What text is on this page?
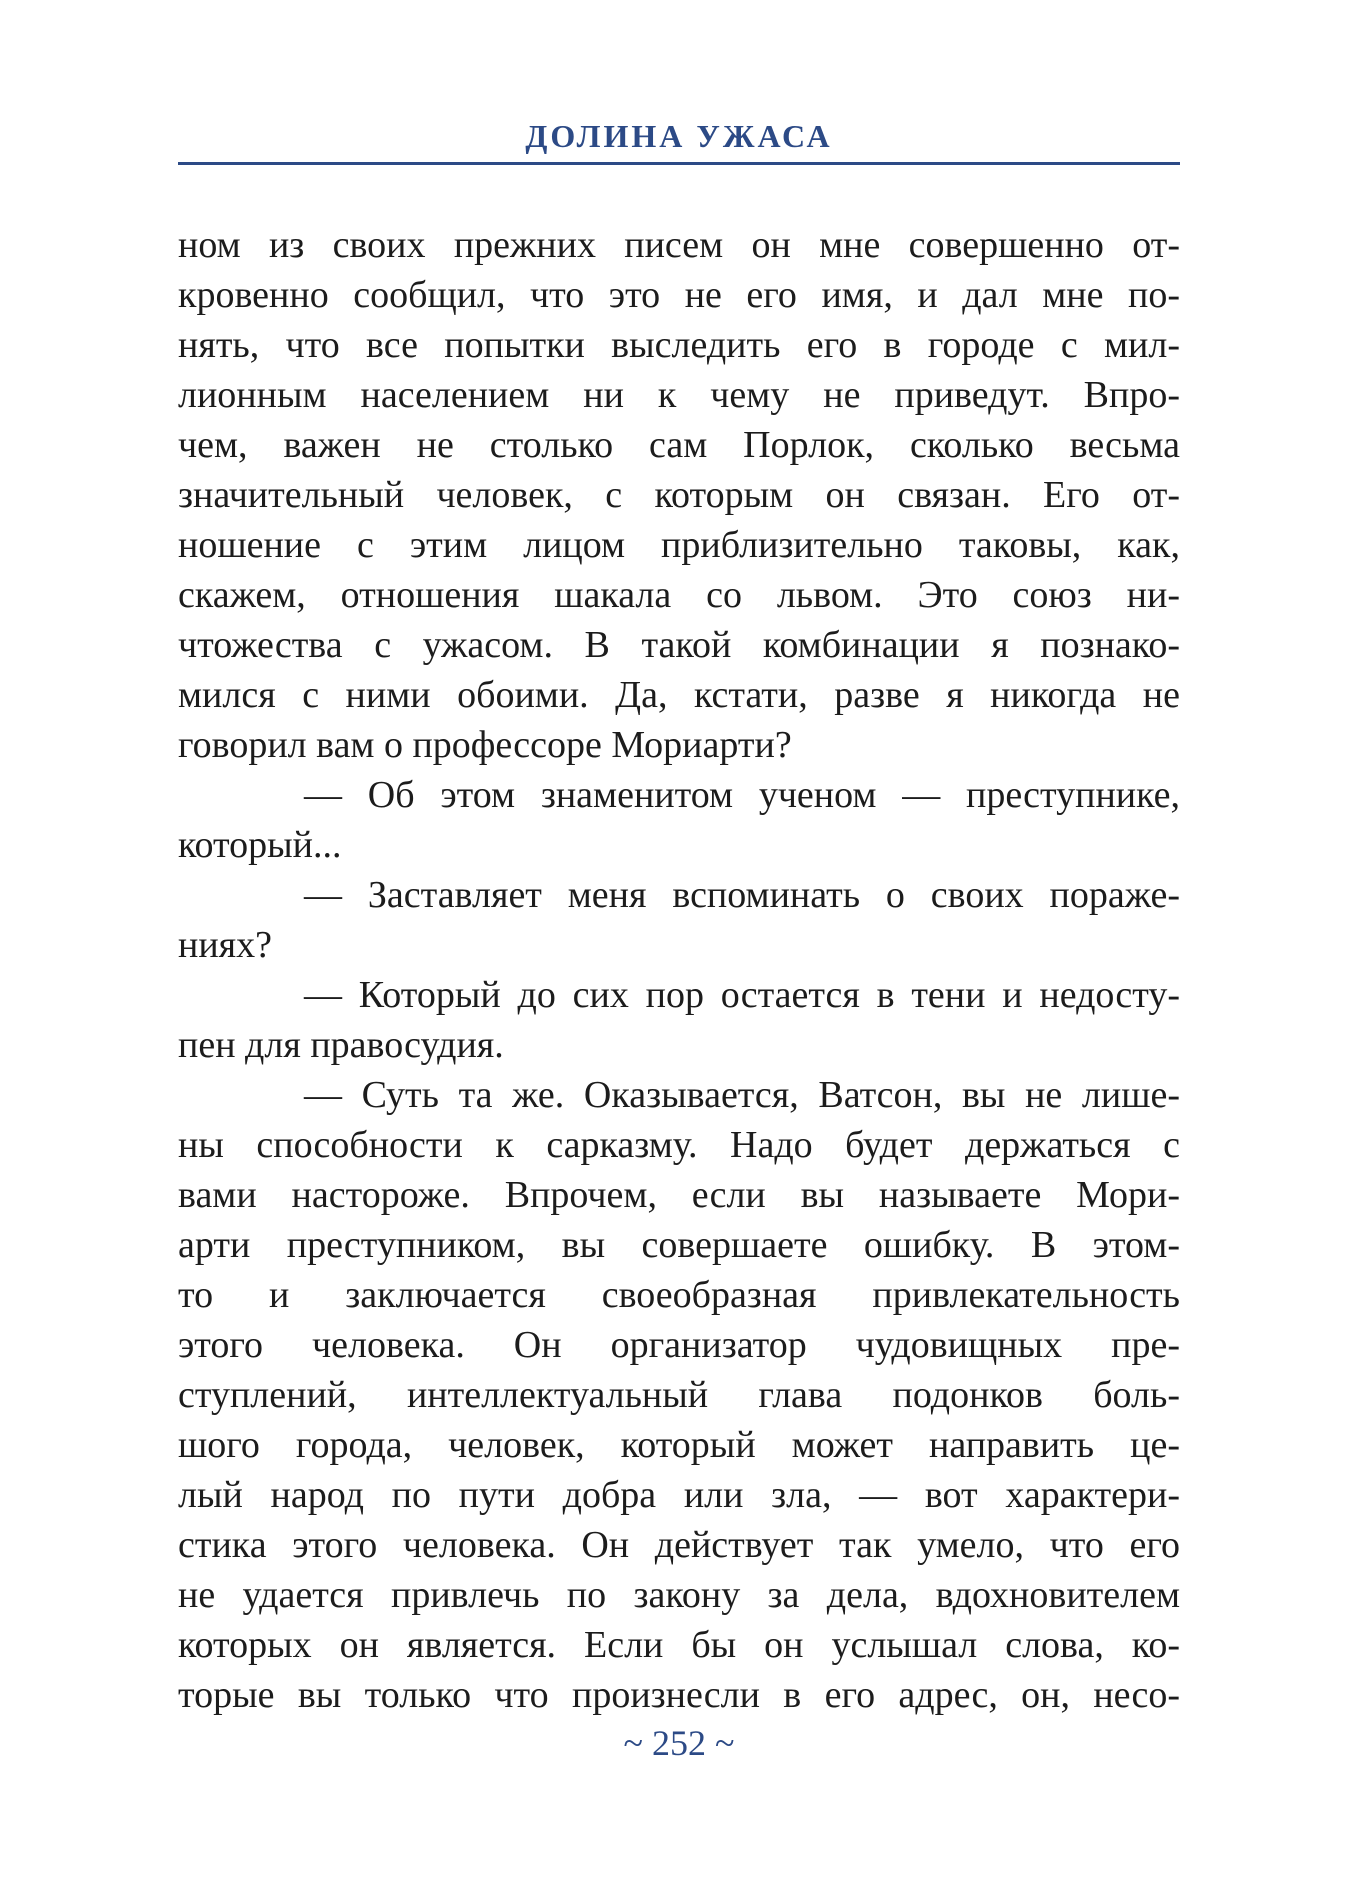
ДОЛИНА УЖАСА
ном из своих прежних писем он мне совершенно от-
кровенно сообщил, что это не его имя, и дал мне по-
нять, что все попытки выследить его в городе с мил-
лионным населением ни к чему не приведут. Впро-
чем, важен не столько сам Порлок, сколько весьма
значительный человек, с которым он связан. Его от-
ношение с этим лицом приблизительно таковы, как,
скажем, отношения шакала со львом. Это союз ни-
чтожества с ужасом. В такой комбинации я познако-
мился с ними обоими. Да, кстати, разве я никогда не
говорил вам о профессоре Мориарти?
— Об этом знаменитом ученом — преступнике,
который...
— Заставляет меня вспоминать о своих пораже-
ниях?
— Который до сих пор остается в тени и недосту-
пен для правосудия.
— Суть та же. Оказывается, Ватсон, вы не лише-
ны способности к сарказму. Надо будет держаться с
вами настороже. Впрочем, если вы называете Мори-
арти преступником, вы совершаете ошибку. В этом-
то и заключается своеобразная привлекательность
этого человека. Он организатор чудовищных пре-
ступлений, интеллектуальный глава подонков боль-
шого города, человек, который может направить це-
лый народ по пути добра или зла, — вот характери-
стика этого человека. Он действует так умело, что его
не удается привлечь по закону за дела, вдохновителем
которых он является. Если бы он услышал слова, ко-
торые вы только что произнесли в его адрес, он, несо-
~ 252 ~
